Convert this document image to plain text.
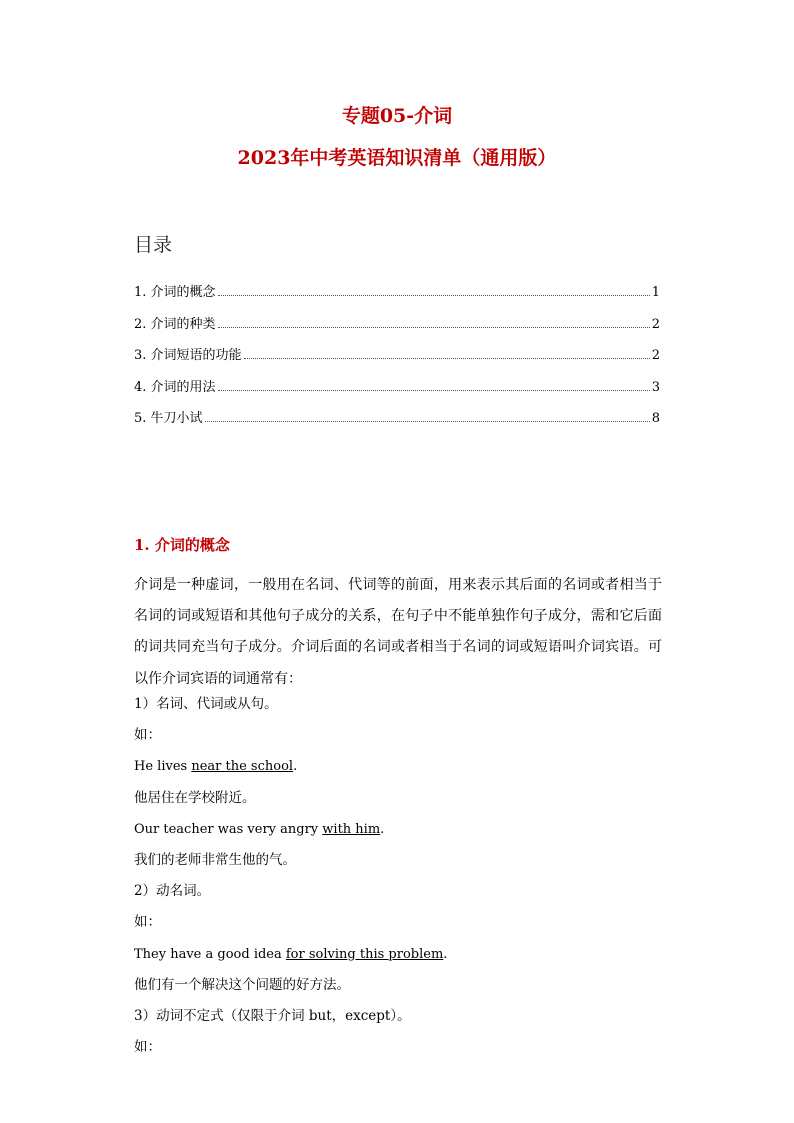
专题05-介词
2023年中考英语知识清单（通用版）
目录
1. 介词的概念	1
2. 介词的种类	2
3. 介词短语的功能	2
4. 介词的用法	3
5. 牛刀小试	8
1. 介词的概念
介词是一种虚词，一般用在名词、代词等的前面，用来表示其后面的名词或者相当于名词的词或短语和其他句子成分的关系，在句子中不能单独作句子成分，需和它后面的词共同充当句子成分。介词后面的名词或者相当于名词的词或短语叫介词宾语。可以作介词宾语的词通常有：
1）名词、代词或从句。
如：
He lives near the school.
他居住在学校附近。
Our teacher was very angry with him.
我们的老师非常生他的气。
2）动名词。
如：
They have a good idea for solving this problem.
他们有一个解决这个问题的好方法。
3）动词不定式（仅限于介词 but，except）。
如：
